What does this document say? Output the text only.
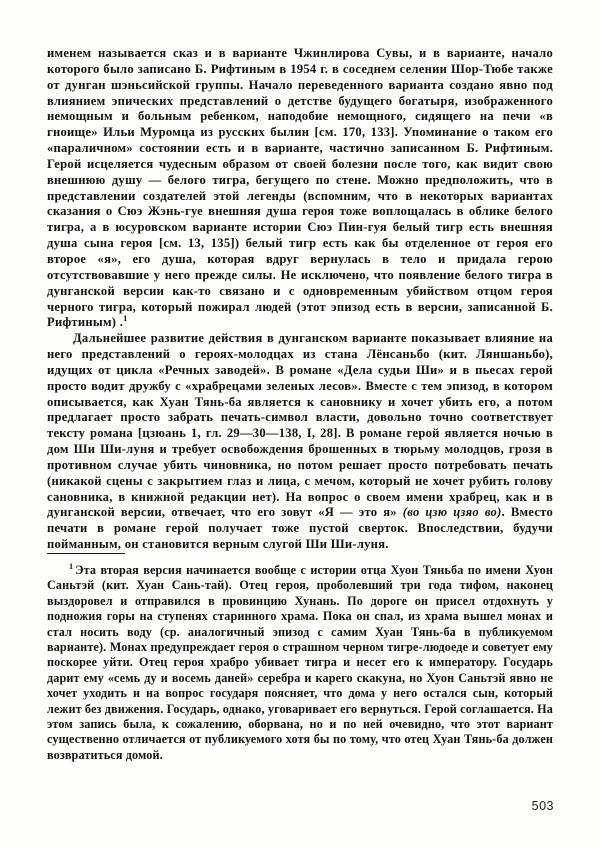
именем называется сказ и в варианте Чжинлирова Сувы, и в варианте, начало которого было записано Б. Рифтиным в 1954 г. в соседнем селении Шор-Тюбе также от дунган шэньсийской группы. Начало переведенного варианта создано явно под влиянием эпических представлений о детстве будущего богатыря, изображенного немощным и больным ребенком, наподобие немощного, сидящего на печи «в гноище» Ильи Муромца из русских былин [см. 170, 133]. Упоминание о таком его «параличном» состоянии есть и в варианте, частично записанном Б. Рифтиным. Герой исцеляется чудесным образом от своей болезни после того, как видит свою внешнюю душу — белого тигра, бегущего по стене. Можно предположить, что в представлении создателей этой легенды (вспомним, что в некоторых вариантах сказания о Сюэ Жэнь-гуе внешняя душа героя тоже воплощалась в облике белого тигра, а в юсуровском варианте истории Сюэ Пин-гуя белый тигр есть внешняя душа сына героя [см. 13, 135]) белый тигр есть как бы отделенное от героя его второе «я», его душа, которая вдруг вернулась в тело и придала герою отсутствовавшие у него прежде силы. Не исключено, что появление белого тигра в дунганской версии как-то связано и с одновременным убийством отцом героя черного тигра, который пожирал людей (этот эпизод есть в версии, записанной Б. Рифтиным) .$^1$

Дальнейшее развитие действия в дунганском варианте показывает влияние на него представлений о героях-молодцах из стана Лёнсаньбо (кит. Ляншаньбо), идущих от цикла «Речных заводей». В романе «Дела судьи Ши» и в пьесах герой просто водит дружбу с «храбрецами зеленых лесов». Вместе с тем эпизод, в котором описывается, как Хуан Тянь-ба является к сановнику и хочет убить его, а потом предлагает просто забрать печать-символ власти, довольно точно соответствует тексту романа [цзюань 1, гл. 29—30—138, I, 28]. В романе герой является ночью в дом Ши Ши-луня и требует освобождения брошенных в тюрьму молодцов, грозя в противном случае убить чиновника, но потом решает просто потребовать печать (никакой сцены с закрытием глаз и лица, с мечом, который не хочет рубить голову сановника, в книжной редакции нет). На вопрос о своем имени храбрец, как и в дунганской версии, отвечает, что его зовут «Я — это я» (во цзю цзяо во). Вместо печати в романе герой получает тоже пустой сверток. Впоследствии, будучи пойманным, он становится верным слугой Ши Ши-луня.

$^1$ Эта вторая версия начинается вообще с истории отца Хуон Тяньба по имени Хуон Саньтэй (кит. Хуан Сань-тай). Отец героя, проболевший три года тифом, наконец выздоровел и отправился в провинцию Хунань. По дороге он присел отдохнуть у подножия горы на ступенях старинного храма. Пока он спал, из храма вышел монах и стал носить воду (ср. аналогичный эпизод с самим Хуан Тянь-ба в публикуемом варианте). Монах предупреждает героя о страшном черном тигре-людоеде и советует ему поскорее уйти. Отец героя храбро убивает тигра и несет его к императору. Государь дарит ему «семь ду и восемь даней» серебра и карего скакуна, но Хуон Саньтэй явно не хочет уходить и на вопрос государя поясняет, что дома у него остался сын, который лежит без движения. Государь, однако, уговаривает его вернуться. Герой соглашается. На этом запись была, к сожалению, оборвана, но и по ней очевидно, что этот вариант существенно отличается от публикуемого хотя бы по тому, что отец Хуан Тянь-ба должен возвратиться домой.

503
